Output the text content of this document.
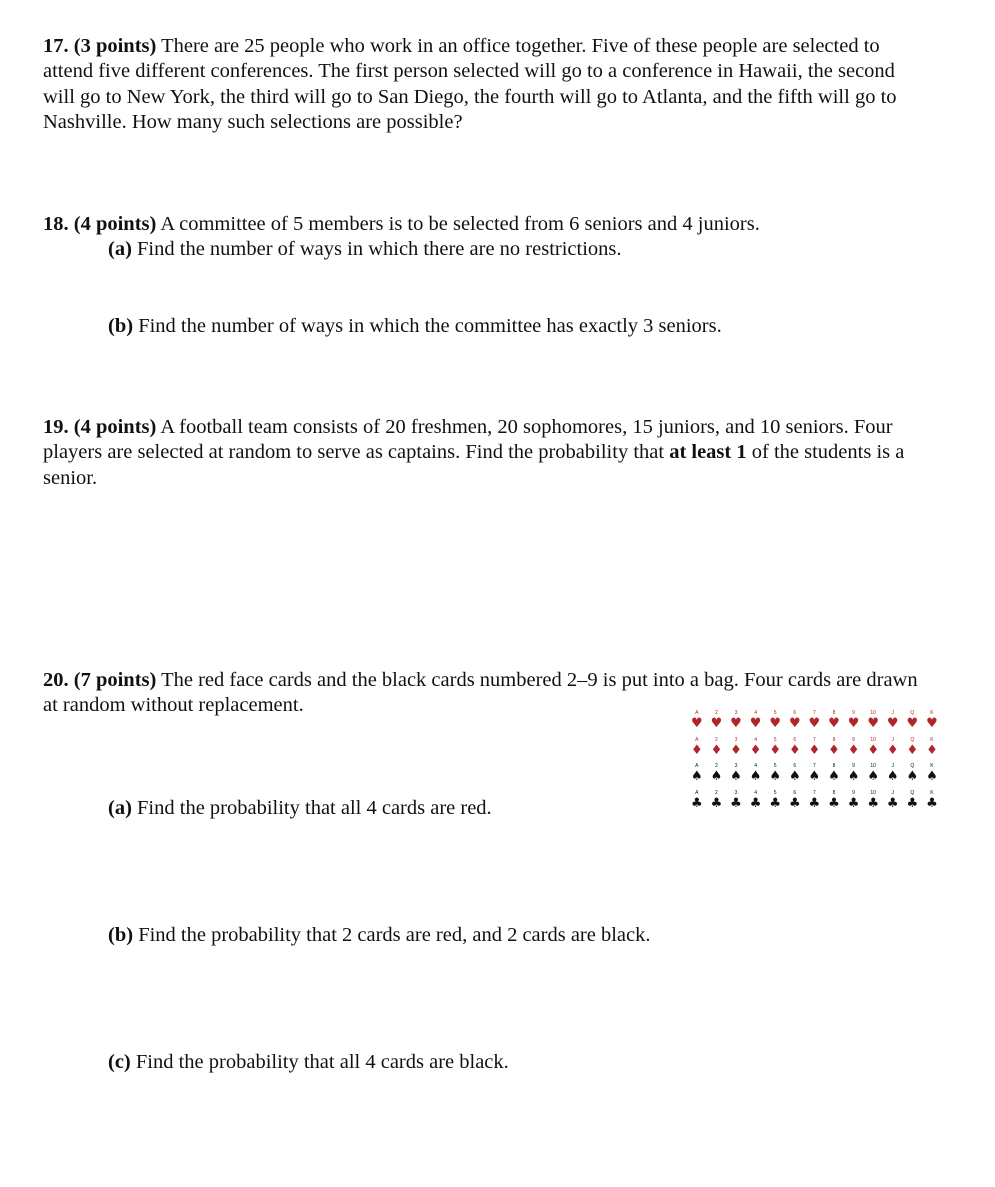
17. (3 points) There are 25 people who work in an office together. Five of these people are selected to attend five different conferences. The first person selected will go to a conference in Hawaii, the second will go to New York, the third will go to San Diego, the fourth will go to Atlanta, and the fifth will go to Nashville. How many such selections are possible?
18. (4 points) A committee of 5 members is to be selected from 6 seniors and 4 juniors.
(a) Find the number of ways in which there are no restrictions.
(b) Find the number of ways in which the committee has exactly 3 seniors.
19. (4 points) A football team consists of 20 freshmen, 20 sophomores, 15 juniors, and 10 seniors. Four players are selected at random to serve as captains. Find the probability that at least 1 of the students is a senior.
20. (7 points) The red face cards and the black cards numbered 2–9 is put into a bag. Four cards are drawn at random without replacement.
(a) Find the probability that all 4 cards are red.
(b) Find the probability that 2 cards are red, and 2 cards are black.
(c) Find the probability that all 4 cards are black.
A
♥
2
♥
3
♥
4
♥
5
♥
6
♥
7
♥
8
♥
9
♥
10
♥
J
♥
Q
♥
K
♥
A
♦
2
♦
3
♦
4
♦
5
♦
6
♦
7
♦
8
♦
9
♦
10
♦
J
♦
Q
♦
K
♦
A
♠
2
♠
3
♠
4
♠
5
♠
6
♠
7
♠
8
♠
9
♠
10
♠
J
♠
Q
♠
K
♠
A
♣
2
♣
3
♣
4
♣
5
♣
6
♣
7
♣
8
♣
9
♣
10
♣
J
♣
Q
♣
K
♣
